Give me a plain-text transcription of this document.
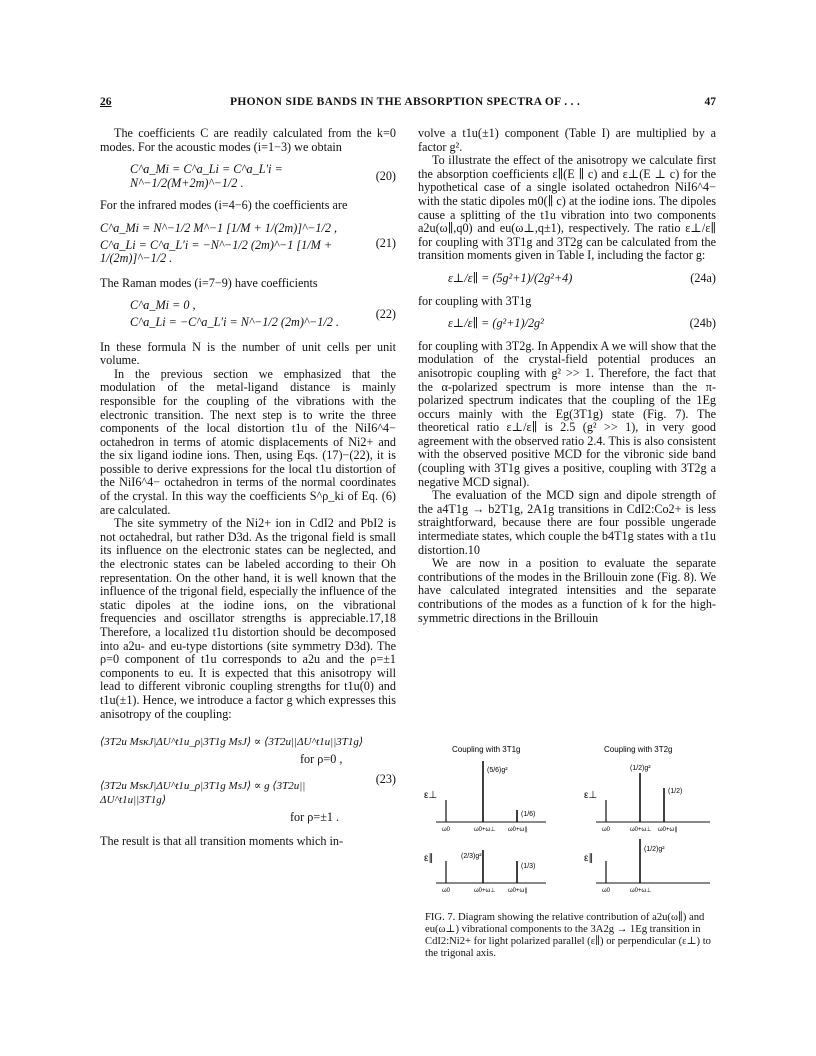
26	PHONON SIDE BANDS IN THE ABSORPTION SPECTRA OF . . .	47

The coefficients C are readily calculated from the k=0 modes. For the acoustic modes (i=1−3) we obtain

C^a_Mi = C^a_Li = C^a_L′i = N^−1/2(M+2m)^−1/2 .	(20)

For the infrared modes (i=4−6) the coefficients are

C^a_Mi = N^−1/2 M^−1 [1/M + 1/(2m)]^−1/2 ,
C^a_Li = C^a_L′i = −N^−1/2 (2m)^−1 [1/M + 1/(2m)]^−1/2 .
(21)

The Raman modes (i=7−9) have coefficients

C^a_Mi = 0 ,
C^a_Li = −C^a_L′i = N^−1/2 (2m)^−1/2 .
(22)

In these formula N is the number of unit cells per unit volume.

In the previous section we emphasized that the modulation of the metal-ligand distance is mainly responsible for the coupling of the vibrations with the electronic transition. The next step is to write the three components of the local distortion t1u of the NiI6^4− octahedron in terms of atomic displacements of Ni2+ and the six ligand iodine ions. Then, using Eqs. (17)−(22), it is possible to derive expressions for the local t1u distortion of the NiI6^4− octahedron in terms of the normal coordinates of the crystal. In this way the coefficients S^ρ_ki of Eq. (6) are calculated.

The site symmetry of the Ni2+ ion in CdI2 and PbI2 is not octahedral, but rather D3d. As the trigonal field is small its influence on the electronic states can be neglected, and the electronic states can be labeled according to their Oh representation. On the other hand, it is well known that the influence of the trigonal field, especially the influence of the static dipoles at the iodine ions, on the vibrational frequencies and oscillator strengths is appreciable.17,18 Therefore, a localized t1u distortion should be decomposed into a2u- and eu-type distortions (site symmetry D3d). The ρ=0 component of t1u corresponds to a2u and the ρ=±1 components to eu. It is expected that this anisotropy will lead to different vibronic coupling strengths for t1u(0) and t1u(±1). Hence, we introduce a factor g which expresses this anisotropy of the coupling:

⟨3T2u MsκJ|ΔU^t1u_ρ|3T1g MsJ⟩ ∝ ⟨3T2u||ΔU^t1u||3T1g⟩
for ρ=0 ,
⟨3T2u MsκJ|ΔU^t1u_ρ|3T1g MsJ⟩ ∝ g ⟨3T2u||ΔU^t1u||3T1g⟩
for ρ=±1 .
(23)

The result is that all transition moments which in-

volve a t1u(±1) component (Table I) are multiplied by a factor g².

To illustrate the effect of the anisotropy we calculate first the absorption coefficients ε∥(E ∥ c) and ε⊥(E ⊥ c) for the hypothetical case of a single isolated octahedron NiI6^4− with the static dipoles m0(∥ c) at the iodine ions. The dipoles cause a splitting of the t1u vibration into two components a2u(ω∥,q0) and eu(ω⊥,q±1), respectively. The ratio ε⊥/ε∥ for coupling with 3T1g and 3T2g can be calculated from the transition moments given in Table I, including the factor g:

ε⊥/ε∥ = (5g²+1)/(2g²+4)	(24a)

for coupling with 3T1g

ε⊥/ε∥ = (g²+1)/2g²	(24b)

for coupling with 3T2g. In Appendix A we will show that the modulation of the crystal-field potential produces an anisotropic coupling with g² >> 1. Therefore, the fact that the α-polarized spectrum is more intense than the π-polarized spectrum indicates that the coupling of the 1Eg occurs mainly with the Eg(3T1g) state (Fig. 7). The theoretical ratio ε⊥/ε∥ is 2.5 (g² >> 1), in very good agreement with the observed ratio 2.4. This is also consistent with the observed positive MCD for the vibronic side band (coupling with 3T1g gives a positive, coupling with 3T2g a negative MCD signal).

The evaluation of the MCD sign and dipole strength of the a4T1g → b2T1g, 2A1g transitions in CdI2:Co2+ is less straightforward, because there are four possible ungerade intermediate states, which couple the b4T1g states with a t1u distortion.10

We are now in a position to evaluate the separate contributions of the modes in the Brillouin zone (Fig. 8). We have calculated integrated intensities and the separate contributions of the modes as a function of k for the high-symmetric directions in the Brillouin

Coupling with 3T1g
ε⊥
ε∥
(5/6)g²
(1/6)
(2/3)g²
(1/3)
ω0	ω0+ω⊥ ω0+ω∥
ω0	ω0+ω⊥ ω0+ω∥
Coupling with 3T2g
ε⊥
ε∥
(1/2)g²
(1/2)
(1/2)g²
ω0	ω0+ω⊥ ω0+ω∥
ω0	ω0+ω⊥

FIG. 7. Diagram showing the relative contribution of a2u(ω∥) and eu(ω⊥) vibrational components to the 3A2g → 1Eg transition in CdI2:Ni2+ for light polarized parallel (ε∥) or perpendicular (ε⊥) to the trigonal axis.
